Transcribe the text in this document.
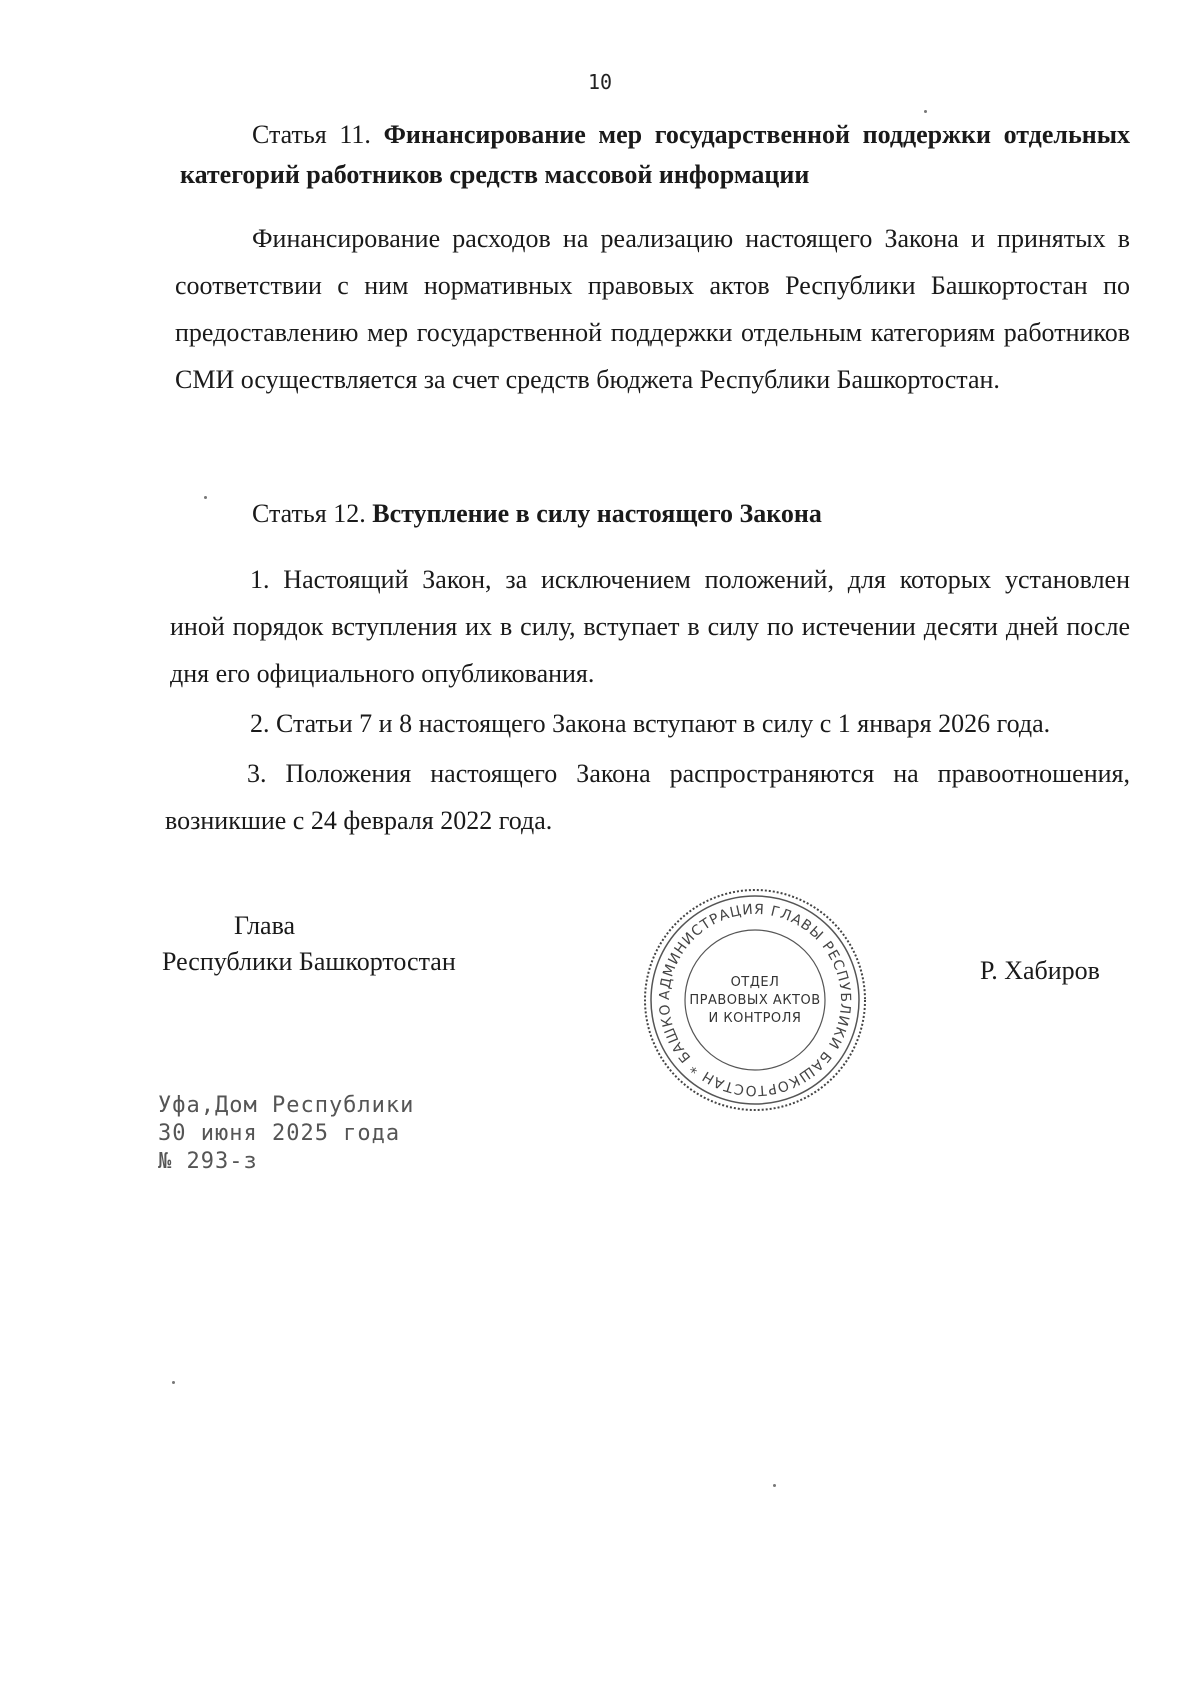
10
Статья 11. Финансирование мер государственной поддержки отдельных категорий работников средств массовой информации
Финансирование расходов на реализацию настоящего Закона и принятых в соответствии с ним нормативных правовых актов Республики Башкортостан по предоставлению мер государственной поддержки отдельным категориям работников СМИ осуществляется за счет средств бюджета Республики Башкортостан.
Статья 12. Вступление в силу настоящего Закона
1. Настоящий Закон, за исключением положений, для которых установлен иной порядок вступления их в силу, вступает в силу по истечении десяти дней после дня его официального опубликования.
2. Статьи 7 и 8 настоящего Закона вступают в силу с 1 января 2026 года.
3. Положения настоящего Закона распространяются на правоотношения, возникшие с 24 февраля 2022 года.
Глава
Республики Башкортостан
АДМИНИСТРАЦИЯ ГЛАВЫ РЕСПУБЛИКИ БАШКОРТОСТАН * БАШКО
ОТДЕЛ
ПРАВОВЫХ АКТОВ
И КОНТРОЛЯ
Р. Хабиров
Уфа,Дом Республики
30 июня 2025 года
№ 293-з
